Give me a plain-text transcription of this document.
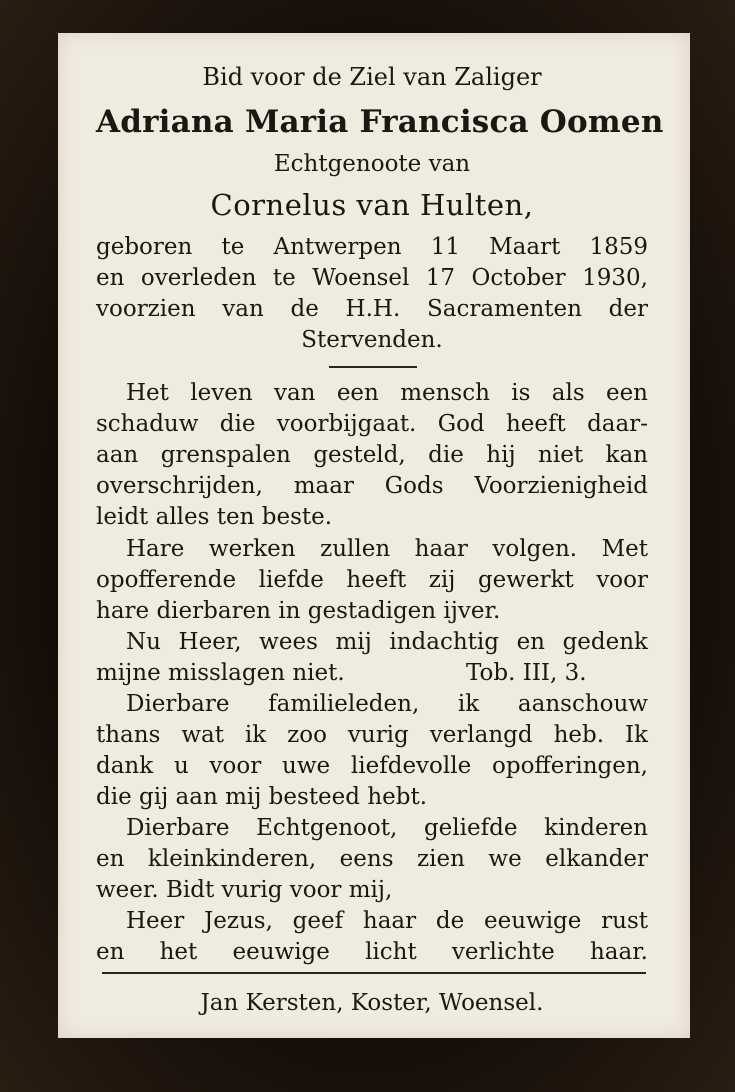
Bid voor de Ziel van Zaliger

Adriana Maria Francisca Oomen

Echtgenoote van

Cornelus van Hulten,

geboren te Antwerpen 11 Maart 1859

en overleden te Woensel 17 October 1930,

voorzien van de H.H. Sacramenten der

Stervenden.

Het leven van een mensch is als een

schaduw die voorbijgaat. God heeft daar-

aan grenspalen gesteld, die hij niet kan

overschrijden, maar Gods Voorzienigheid

leidt alles ten beste.

Hare werken zullen haar volgen. Met

opofferende liefde heeft zij gewerkt voor

hare dierbaren in gestadigen ijver.

Nu Heer, wees mij indachtig en gedenk

mijne misslagen niet.	Tob. III, 3.

Dierbare familieleden, ik aanschouw

thans wat ik zoo vurig verlangd heb. Ik

dank u voor uwe liefdevolle opofferingen,

die gij aan mij besteed hebt.

Dierbare Echtgenoot, geliefde kinderen

en kleinkinderen, eens zien we elkander

weer. Bidt vurig voor mij,

Heer Jezus, geef haar de eeuwige rust

en het eeuwige licht verlichte haar.

Jan Kersten, Koster, Woensel.
